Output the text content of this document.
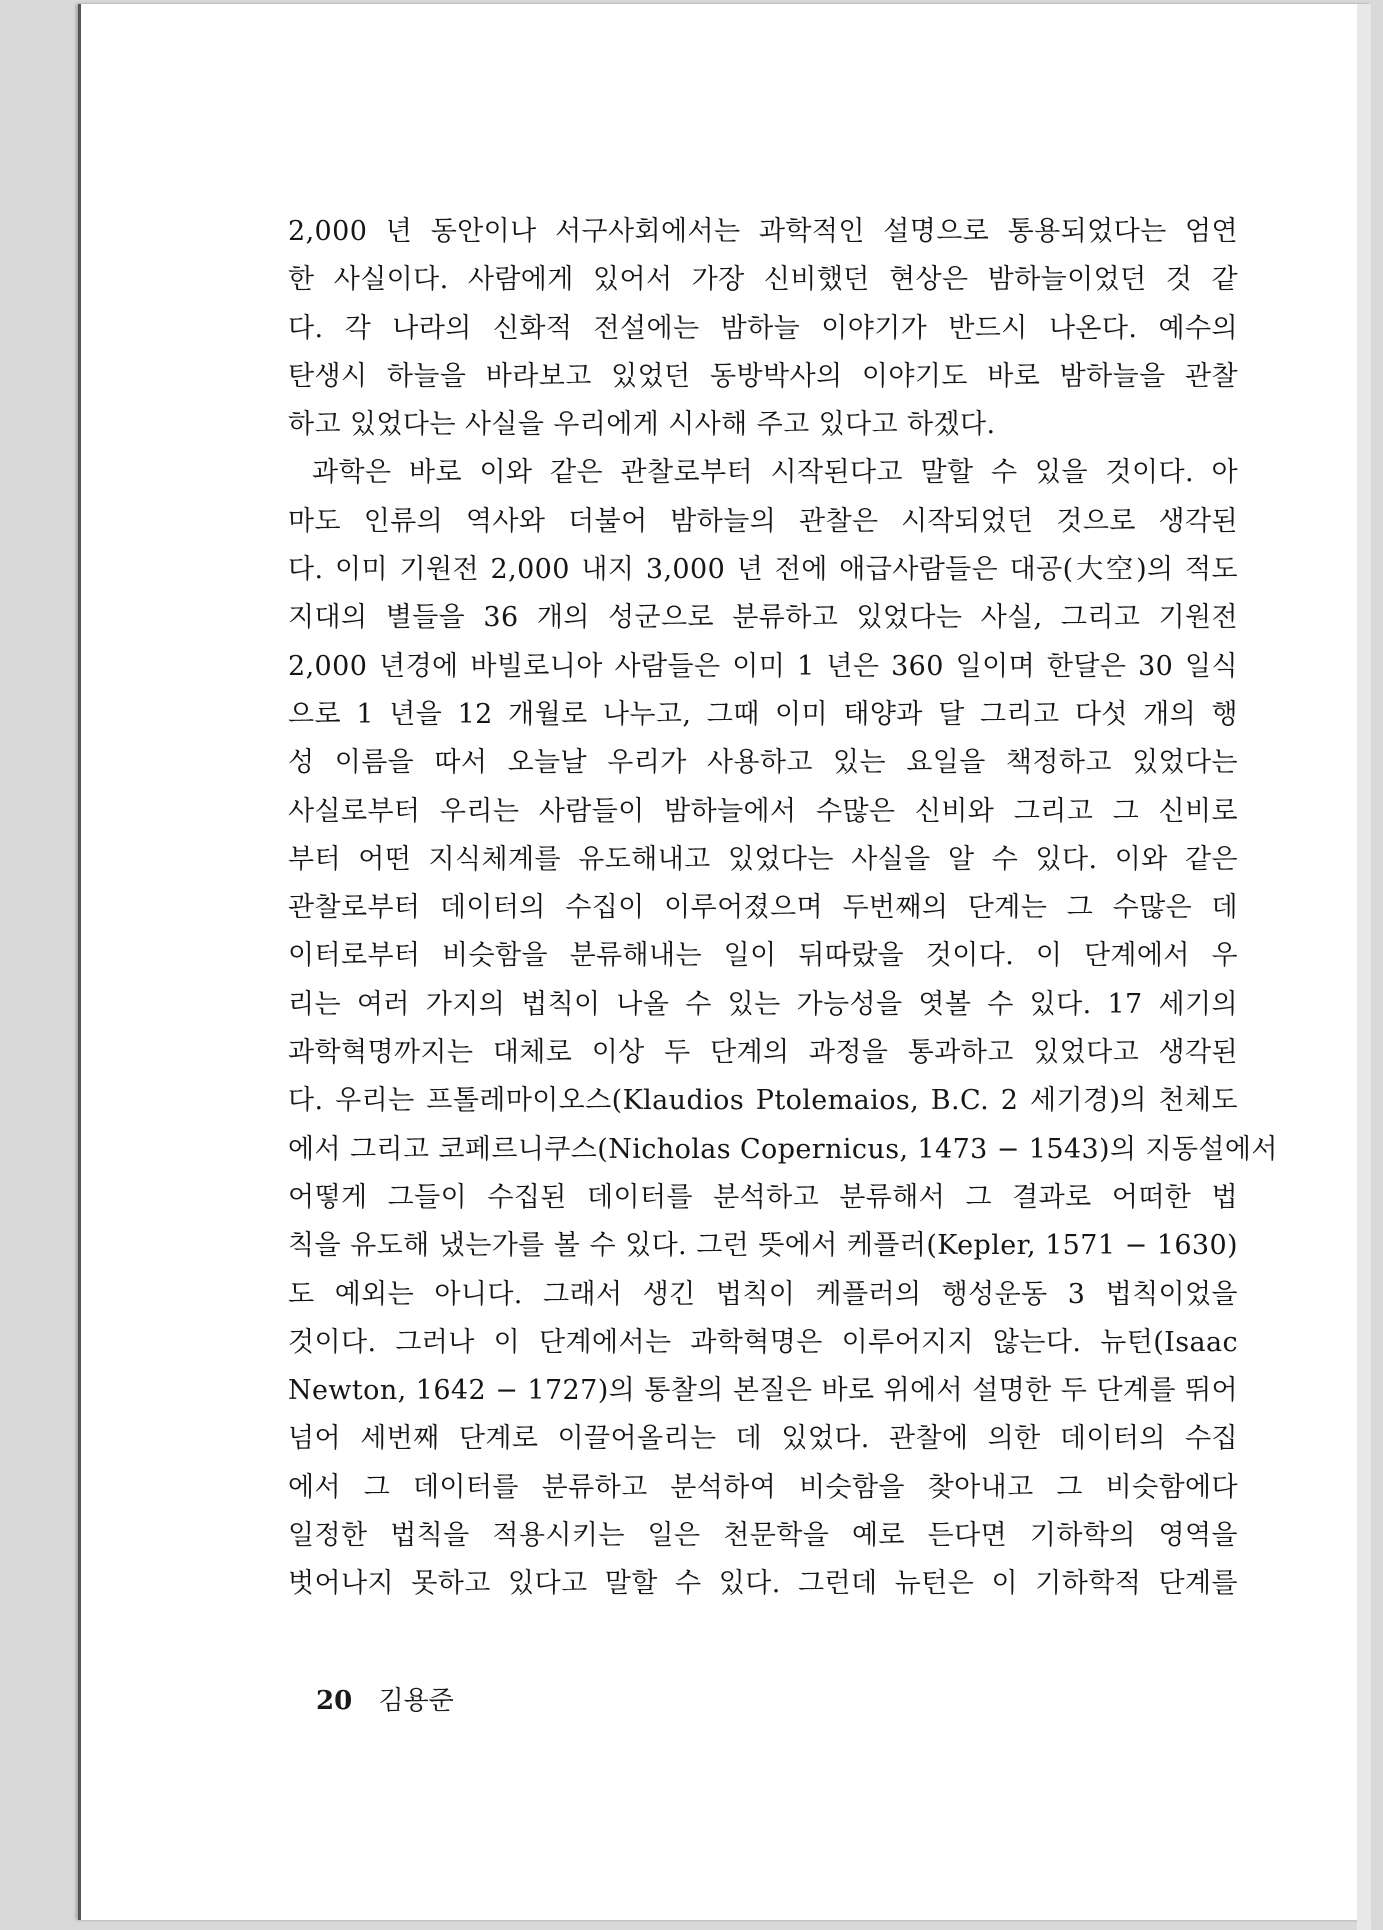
2,000 년 동안이나 서구사회에서는 과학적인 설명으로 통용되었다는 엄연
한 사실이다. 사람에게 있어서 가장 신비했던 현상은 밤하늘이었던 것 같
다. 각 나라의 신화적 전설에는 밤하늘 이야기가 반드시 나온다. 예수의
탄생시 하늘을 바라보고 있었던 동방박사의 이야기도 바로 밤하늘을 관찰
하고 있었다는 사실을 우리에게 시사해 주고 있다고 하겠다.
과학은 바로 이와 같은 관찰로부터 시작된다고 말할 수 있을 것이다. 아
마도 인류의 역사와 더불어 밤하늘의 관찰은 시작되었던 것으로 생각된
다. 이미 기원전 2,000 내지 3,000 년 전에 애급사람들은 대공(大空)의 적도
지대의 별들을 36 개의 성군으로 분류하고 있었다는 사실, 그리고 기원전
2,000 년경에 바빌로니아 사람들은 이미 1 년은 360 일이며 한달은 30 일식
으로 1 년을 12 개월로 나누고, 그때 이미 태양과 달 그리고 다섯 개의 행
성 이름을 따서 오늘날 우리가 사용하고 있는 요일을 책정하고 있었다는
사실로부터 우리는 사람들이 밤하늘에서 수많은 신비와 그리고 그 신비로
부터 어떤 지식체계를 유도해내고 있었다는 사실을 알 수 있다. 이와 같은
관찰로부터 데이터의 수집이 이루어졌으며 두번째의 단계는 그 수많은 데
이터로부터 비슷함을 분류해내는 일이 뒤따랐을 것이다. 이 단계에서 우
리는 여러 가지의 법칙이 나올 수 있는 가능성을 엿볼 수 있다. 17 세기의
과학혁명까지는 대체로 이상 두 단계의 과정을 통과하고 있었다고 생각된
다. 우리는 프톨레마이오스(Klaudios Ptolemaios, B.C. 2 세기경)의 천체도
에서 그리고 코페르니쿠스(Nicholas Copernicus, 1473 − 1543)의 지동설에서
어떻게 그들이 수집된 데이터를 분석하고 분류해서 그 결과로 어떠한 법
칙을 유도해 냈는가를 볼 수 있다. 그런 뜻에서 케플러(Kepler, 1571 − 1630)
도 예외는 아니다. 그래서 생긴 법칙이 케플러의 행성운동 3 법칙이었을
것이다. 그러나 이 단계에서는 과학혁명은 이루어지지 않는다. 뉴턴(Isaac
Newton, 1642 − 1727)의 통찰의 본질은 바로 위에서 설명한 두 단계를 뛰어
넘어 세번째 단계로 이끌어올리는 데 있었다. 관찰에 의한 데이터의 수집
에서 그 데이터를 분류하고 분석하여 비슷함을 찾아내고 그 비슷함에다
일정한 법칙을 적용시키는 일은 천문학을 예로 든다면 기하학의 영역을
벗어나지 못하고 있다고 말할 수 있다. 그런데 뉴턴은 이 기하학적 단계를
20 김용준
